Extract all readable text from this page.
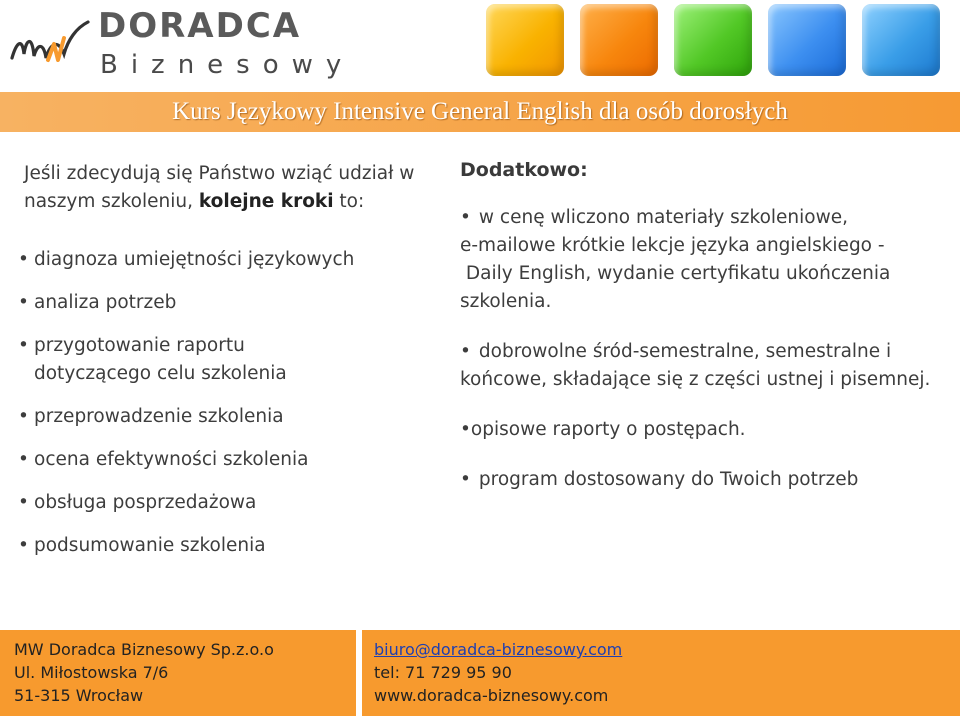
DORADCA
Biznesowy
Kurs Językowy Intensive General English dla osób dorosłych

Jeśli zdecydują się Państwo wziąć udział w naszym szkoleniu, kolejne kroki to:

• diagnoza umiejętności językowych
• analiza potrzeb
• przygotowanie raportu dotyczącego celu szkolenia
• przeprowadzenie szkolenia
• ocena efektywności szkolenia
• obsługa posprzedażowa
• podsumowanie szkolenia
Dodatkowo:
• w cenę wliczono materiały szkoleniowe,
e-mailowe krótkie lekcje języka angielskiego -
Daily English, wydanie certyfikatu ukończenia
szkolenia.
• dobrowolne śród-semestralne, semestralne i końcowe, składające się z części ustnej i pisemnej.
•opisowe raporty o postępach.
• program dostosowany do Twoich potrzeb
MW Doradca Biznesowy Sp.z.o.o
Ul. Miłostowska 7/6
51-315 Wrocław
biuro@doradca-biznesowy.com
tel: 71 729 95 90
www.doradca-biznesowy.com
